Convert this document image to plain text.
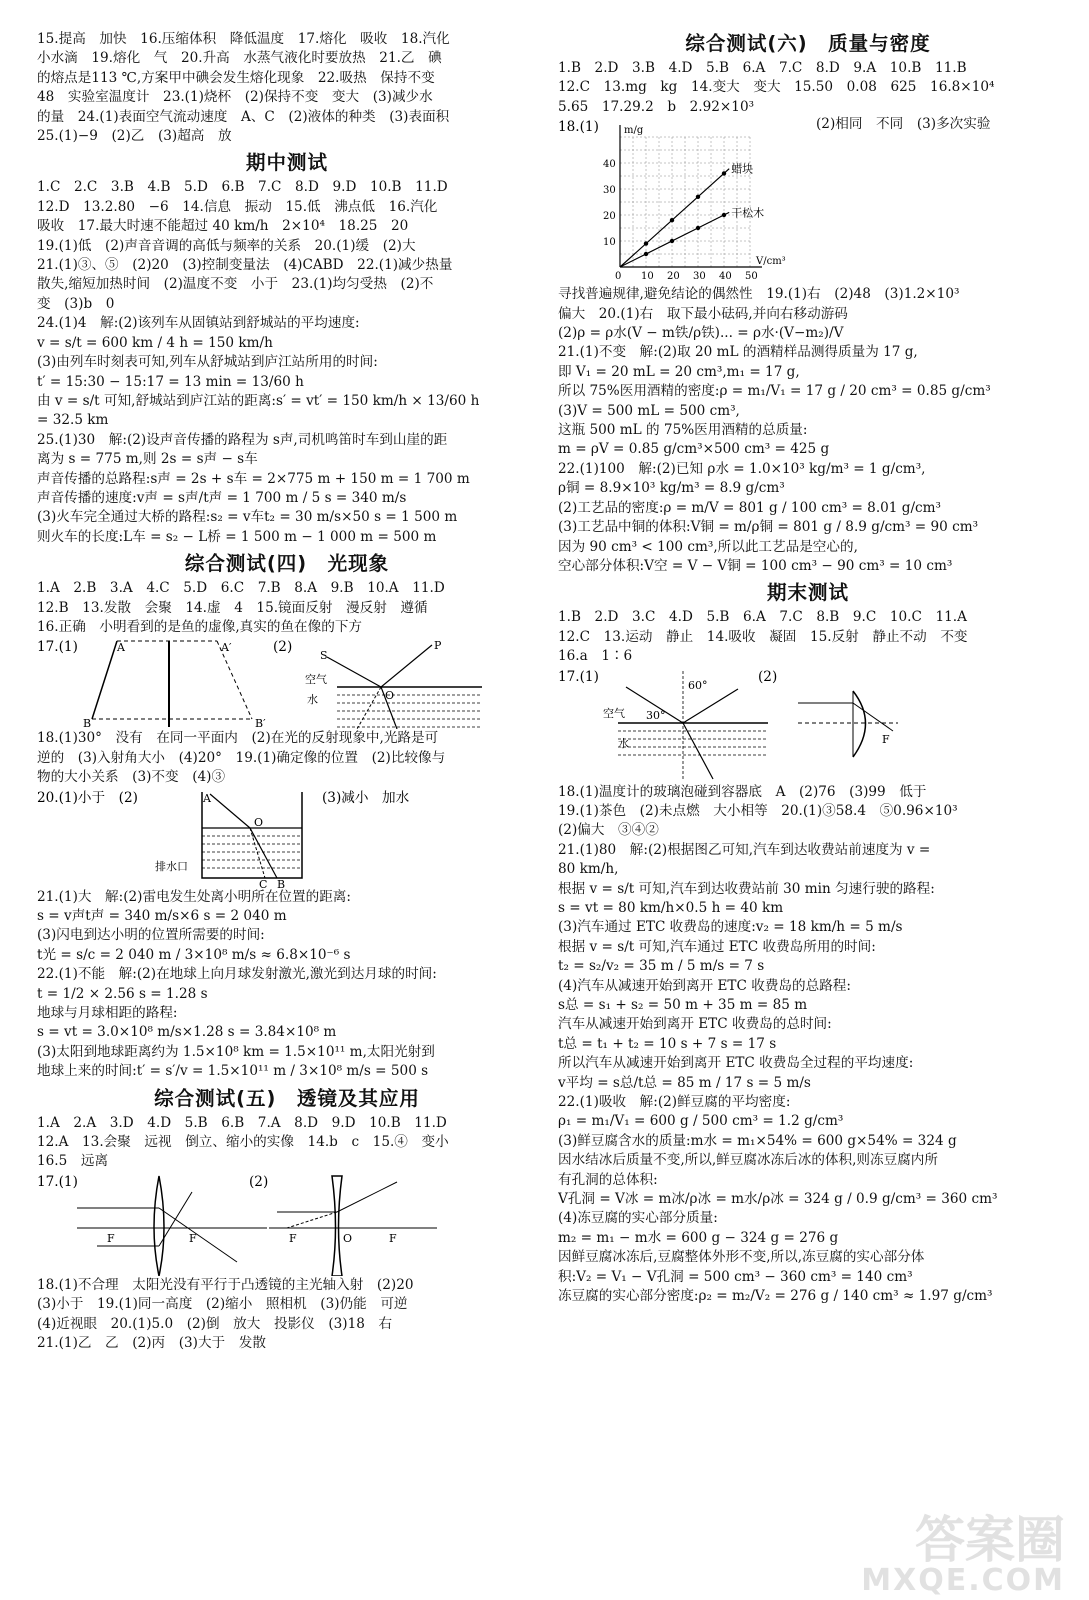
15.提高　加快　16.压缩体积　降低温度　17.熔化　吸收　18.汽化
小水滴　19.熔化　气　20.升高　水蒸气液化时要放热　21.乙　碘
的熔点是113 ℃,方案甲中碘会发生熔化现象　22.吸热　保持不变
48　实验室温度计　23.(1)烧杯　(2)保持不变　变大　(3)减少水
的量　24.(1)表面空气流动速度　A、C　(2)液体的种类　(3)表面积
25.(1)−9　(2)乙　(3)超高　放
期中测试
1.C　2.C　3.B　4.B　5.D　6.B　7.C　8.D　9.D　10.B　11.D
12.D　13.2.80　−6　14.信息　振动　15.低　沸点低　16.汽化
吸收　17.最大时速不能超过 40 km/h　2×10⁴　18.25　20
19.(1)低　(2)声音音调的高低与频率的关系　20.(1)缓　(2)大
21.(1)③、⑤　(2)20　(3)控制变量法　(4)CABD　22.(1)减少热量
散失,缩短加热时间　(2)温度不变　小于　23.(1)均匀受热　(2)不
变　(3)b　0
24.(1)4　解:(2)该列车从固镇站到舒城站的平均速度:
v = s/t = 600 km / 4 h = 150 km/h
(3)由列车时刻表可知,列车从舒城站到庐江站所用的时间:
t′ = 15:30 − 15:17 = 13 min = 13/60 h
由 v = s/t 可知,舒城站到庐江站的距离:s′ = vt′ = 150 km/h × 13/60 h
= 32.5 km
25.(1)30　解:(2)设声音传播的路程为 s声,司机鸣笛时车到山崖的距
离为 s = 775 m,则 2s = s声 − s车
声音传播的总路程:s声 = 2s + s车 = 2×775 m + 150 m = 1 700 m
声音传播的速度:v声 = s声/t声 = 1 700 m / 5 s = 340 m/s
(3)火车完全通过大桥的路程:s₂ = v车t₂ = 30 m/s×50 s = 1 500 m
则火车的长度:L车 = s₂ − L桥 = 1 500 m − 1 000 m = 500 m
综合测试(四)　光现象
1.A　2.B　3.A　4.C　5.D　6.C　7.B　8.A　9.B　10.A　11.D
12.B　13.发散　会聚　14.虚　4　15.镜面反射　漫反射　遵循
16.正确　小明看到的是鱼的虚像,真实的鱼在像的下方
17.(1)	A	A′
B	B′
(2)
S
P
O
空气
水
18.(1)30°　没有　在同一平面内　(2)在光的反射现象中,光路是可
逆的　(3)入射角大小　(4)20°　19.(1)确定像的位置　(2)比较像与
物的大小关系　(3)不变　(4)③
20.(1)小于　(2)	A
O
C B
排水口
(3)减小　加水
21.(1)大　解:(2)雷电发生处离小明所在位置的距离:
s = v声t声 = 340 m/s×6 s = 2 040 m
(3)闪电到达小明的位置所需要的时间:
t光 = s/c = 2 040 m / 3×10⁸ m/s ≈ 6.8×10⁻⁶ s
22.(1)不能　解:(2)在地球上向月球发射激光,激光到达月球的时间:
t = 1/2 × 2.56 s = 1.28 s
地球与月球相距的路程:
s = vt = 3.0×10⁸ m/s×1.28 s = 3.84×10⁸ m
(3)太阳到地球距离约为 1.5×10⁸ km = 1.5×10¹¹ m,太阳光射到
地球上来的时间:t′ = s′/v = 1.5×10¹¹ m / 3×10⁸ m/s = 500 s
综合测试(五)　透镜及其应用
1.A　2.A　3.D　4.D　5.B　6.B　7.A　8.D　9.D　10.B　11.D
12.A　13.会聚　远视　倒立、缩小的实像　14.b　c　15.④　变小
16.5　远离
17.(1)
F	F
(2)
F	O	F
18.(1)不合理　太阳光没有平行于凸透镜的主光轴入射　(2)20
(3)小于　19.(1)同一高度　(2)缩小　照相机　(3)仍能　可逆
(4)近视眼　20.(1)5.0　(2)倒　放大　投影仪　(3)18　右
21.(1)乙　乙　(2)丙　(3)大于　发散
综合测试(六)　质量与密度
1.B　2.D　3.B　4.D　5.B　6.A　7.C　8.D　9.A　10.B　11.B
12.C　13.mg　kg　14.变大　变大　15.50　0.08　625　16.8×10⁴
5.65　17.29.2　b　2.92×10³
18.(1)	m/g
V/cm³
0 10 20 30 40 50
10
20
30
40	蜡块
干松木
(2)相同　不同　(3)多次实验
寻找普遍规律,避免结论的偶然性　19.(1)右　(2)48　(3)1.2×10³
偏大　20.(1)右　取下最小砝码,并向右移动游码
(2)ρ = ρ水(V − m铁/ρ铁)... = ρ水·(V−m₂)/V
21.(1)不变　解:(2)取 20 mL 的酒精样品测得质量为 17 g,
即 V₁ = 20 mL = 20 cm³,m₁ = 17 g,
所以 75%医用酒精的密度:ρ = m₁/V₁ = 17 g / 20 cm³ = 0.85 g/cm³
(3)V = 500 mL = 500 cm³,
这瓶 500 mL 的 75%医用酒精的总质量:
m = ρV = 0.85 g/cm³×500 cm³ = 425 g
22.(1)100　解:(2)已知 ρ水 = 1.0×10³ kg/m³ = 1 g/cm³,
ρ铜 = 8.9×10³ kg/m³ = 8.9 g/cm³
(2)工艺品的密度:ρ = m/V = 801 g / 100 cm³ = 8.01 g/cm³
(3)工艺品中铜的体积:V铜 = m/ρ铜 = 801 g / 8.9 g/cm³ = 90 cm³
因为 90 cm³ < 100 cm³,所以此工艺品是空心的,
空心部分体积:V空 = V − V铜 = 100 cm³ − 90 cm³ = 10 cm³
期末测试
1.B　2.D　3.C　4.D　5.B　6.A　7.C　8.B　9.C　10.C　11.A
12.C　13.运动　静止　14.吸收　凝固　15.反射　静止不动　不变
16.a　1∶6
17.(1)
空气
水
30°
60°
(2)
F
18.(1)温度计的玻璃泡碰到容器底　A　(2)76　(3)99　低于
19.(1)茶色　(2)未点燃　大小相等　20.(1)③58.4　⑤0.96×10³
(2)偏大　③④②
21.(1)80　解:(2)根据图乙可知,汽车到达收费站前速度为 v =
80 km/h,
根据 v = s/t 可知,汽车到达收费站前 30 min 匀速行驶的路程:
s = vt = 80 km/h×0.5 h = 40 km
(3)汽车通过 ETC 收费岛的速度:v₂ = 18 km/h = 5 m/s
根据 v = s/t 可知,汽车通过 ETC 收费岛所用的时间:
t₂ = s₂/v₂ = 35 m / 5 m/s = 7 s
(4)汽车从减速开始到离开 ETC 收费岛的总路程:
s总 = s₁ + s₂ = 50 m + 35 m = 85 m
汽车从减速开始到离开 ETC 收费岛的总时间:
t总 = t₁ + t₂ = 10 s + 7 s = 17 s
所以汽车从减速开始到离开 ETC 收费岛全过程的平均速度:
v平均 = s总/t总 = 85 m / 17 s = 5 m/s
22.(1)吸收　解:(2)鲜豆腐的平均密度:
ρ₁ = m₁/V₁ = 600 g / 500 cm³ = 1.2 g/cm³
(3)鲜豆腐含水的质量:m水 = m₁×54% = 600 g×54% = 324 g
因水结冰后质量不变,所以,鲜豆腐冰冻后冰的体积,则冻豆腐内所
有孔洞的总体积:
V孔洞 = V冰 = m冰/ρ冰 = m水/ρ冰 = 324 g / 0.9 g/cm³ = 360 cm³
(4)冻豆腐的实心部分质量:
m₂ = m₁ − m水 = 600 g − 324 g = 276 g
因鲜豆腐冰冻后,豆腐整体外形不变,所以,冻豆腐的实心部分体
积:V₂ = V₁ − V孔洞 = 500 cm³ − 360 cm³ = 140 cm³
冻豆腐的实心部分密度:ρ₂ = m₂/V₂ = 276 g / 140 cm³ ≈ 1.97 g/cm³
答案圈
MXQE.COM
